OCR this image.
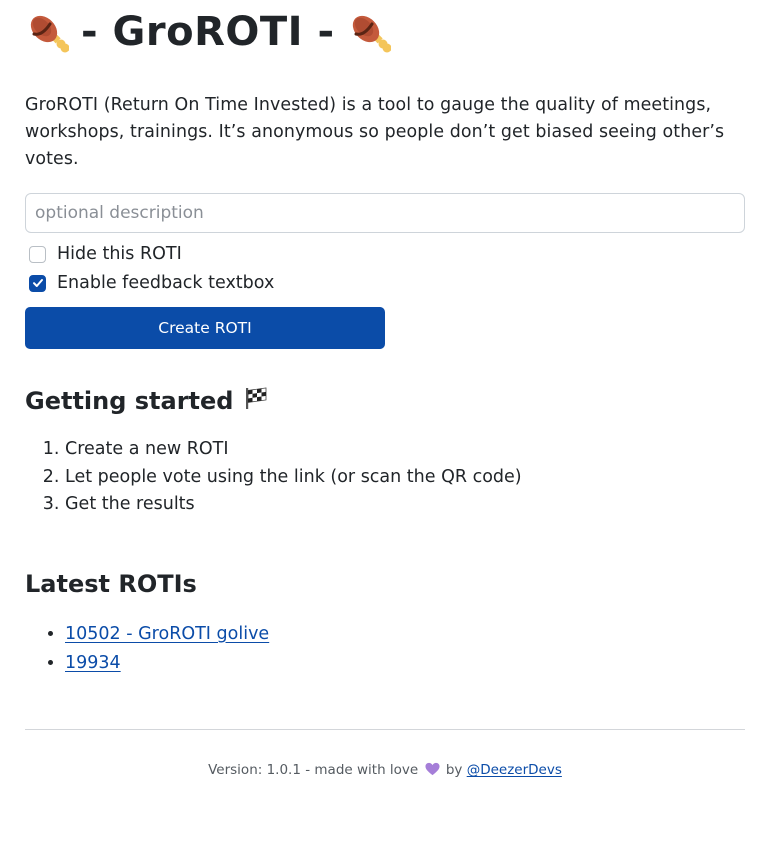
- GroROTI -

GroROTI (Return On Time Invested) is a tool to gauge the quality of meetings, workshops, trainings. It’s anonymous so people don’t get biased seeing other’s votes.

optional description
Hide this ROTI
Enable feedback textbox
Create ROTI
Getting started
1. Create a new ROTI
2. Let people vote using the link (or scan the QR code)
3. Get the results
Latest ROTIs
• 10502 - GroROTI golive
• 19934
Version: 1.0.1 - made with love by @DeezerDevs
